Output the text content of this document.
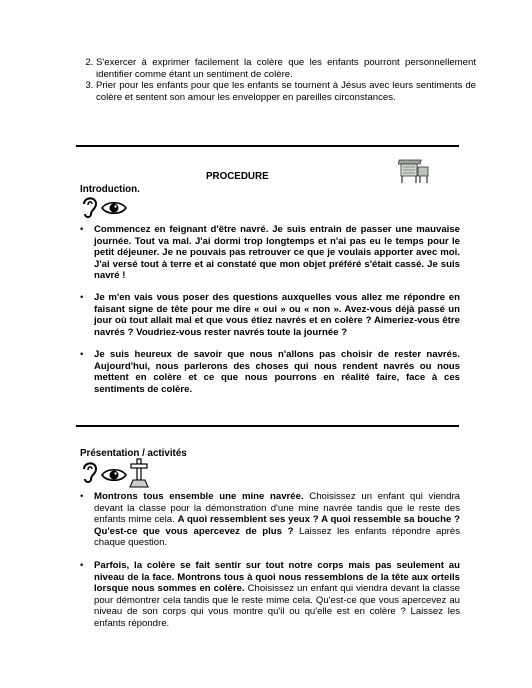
2. S'exercer à exprimer facilement la colère que les enfants pourront personnellement identifier comme étant un sentiment de colère.
3. Prier pour les enfants pour que les enfants se tournent à Jésus avec leurs sentiments de colère et sentent son amour les envelopper en pareilles circonstances.
PROCEDURE
Introduction.
• Commencez en feignant d'être navré. Je suis entrain de passer une mauvaise journée. Tout va mal. J'ai dormi trop longtemps et n'ai pas eu le temps pour le petit déjeuner. Je ne pouvais pas retrouver ce que je voulais apporter avec moi. J'ai versé tout à terre et ai constaté que mon objet préféré s'était cassé. Je suis navré !
• Je m'en vais vous poser des questions auxquelles vous allez me répondre en faisant signe de tête pour me dire « oui » ou « non ». Avez-vous déjà passé un jour où tout allait mal et que vous étiez navrés et en colère ? Aimeriez-vous être navrés ? Voudriez-vous rester navrés toute la journée ?
• Je suis heureux de savoir que nous n'allons pas choisir de rester navrés. Aujourd'hui, nous parlerons des choses qui nous rendent navrés ou nous mettent en colère et ce que nous pourrons en réalité faire, face à ces sentiments de colère.
Présentation / activités
• Montrons tous ensemble une mine navrée. Choisissez un enfant qui viendra devant la classe pour la démonstration d'une mine navrée tandis que le reste des enfants mime cela. A quoi ressemblent ses yeux ? A quoi ressemble sa bouche ? Qu'est-ce que vous apercevez de plus ? Laissez les enfants répondre après chaque question.
• Parfois, la colère se fait sentir sur tout notre corps mais pas seulement au niveau de la face. Montrons tous à quoi nous ressemblons de la tête aux orteils lorsque nous sommes en colère. Choisissez un enfant qui viendra devant la classe pour démontrer cela tandis que le reste mime cela. Qu'est-ce que vous apercevez au niveau de son corps qui vous montre qu'il ou qu'elle est en colère ? Laissez les enfants répondre.
